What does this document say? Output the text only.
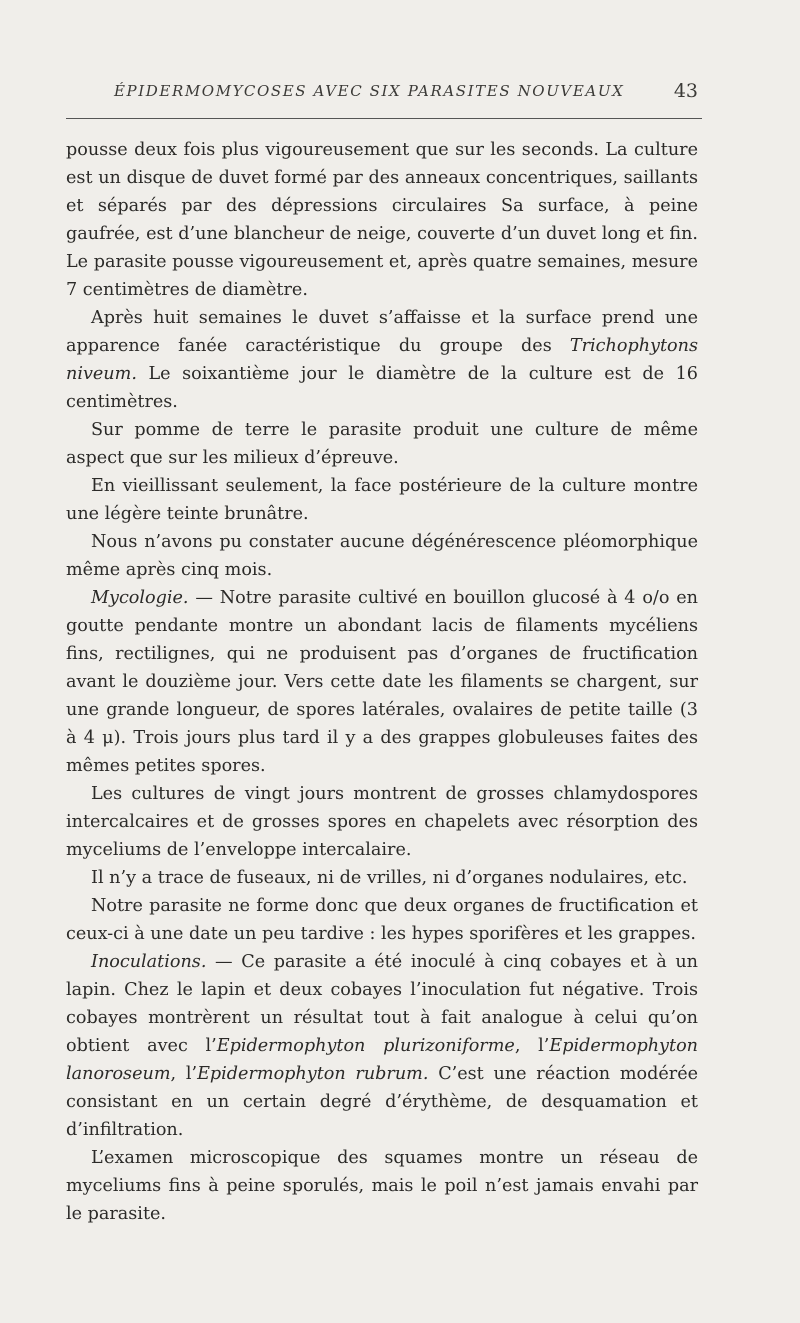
ÉPIDERMOMYCOSES AVEC SIX PARASITES NOUVEAUX	43

pousse deux fois plus vigoureusement que sur les seconds. La culture est un disque de duvet formé par des anneaux concentriques, saillants et séparés par des dépressions circulaires Sa surface, à peine gaufrée, est d’une blancheur de neige, couverte d’un duvet long et fin. Le parasite pousse vigoureusement et, après quatre semaines, mesure 7 centimètres de diamètre.

Après huit semaines le duvet s’affaisse et la surface prend une apparence fanée caractéristique du groupe des Trichophytons niveum. Le soixantième jour le diamètre de la culture est de 16 centimètres.

Sur pomme de terre le parasite produit une culture de même aspect que sur les milieux d’épreuve.

En vieillissant seulement, la face postérieure de la culture montre une légère teinte brunâtre.

Nous n’avons pu constater aucune dégénérescence pléomorphique même après cinq mois.

Mycologie. — Notre parasite cultivé en bouillon glucosé à 4 o/o en goutte pendante montre un abondant lacis de filaments mycéliens fins, rectilignes, qui ne produisent pas d’organes de fructification avant le douzième jour. Vers cette date les filaments se chargent, sur une grande longueur, de spores latérales, ovalaires de petite taille (3 à 4 μ). Trois jours plus tard il y a des grappes globuleuses faites des mêmes petites spores.

Les cultures de vingt jours montrent de grosses chlamydospores intercalcaires et de grosses spores en chapelets avec résorption des myceliums de l’enveloppe intercalaire.

Il n’y a trace de fuseaux, ni de vrilles, ni d’organes nodulaires, etc.

Notre parasite ne forme donc que deux organes de fructification et ceux-ci à une date un peu tardive : les hypes sporifères et les grappes.

Inoculations. — Ce parasite a été inoculé à cinq cobayes et à un lapin. Chez le lapin et deux cobayes l’inoculation fut négative. Trois cobayes montrèrent un résultat tout à fait analogue à celui qu’on obtient avec l’Epidermophyton plurizoniforme, l’Epidermophyton lanoroseum, l’Epidermophyton rubrum. C’est une réaction modérée consistant en un certain degré d’érythème, de desquamation et d’infiltration.

L’examen microscopique des squames montre un réseau de myceliums fins à peine sporulés, mais le poil n’est jamais envahi par le parasite.
